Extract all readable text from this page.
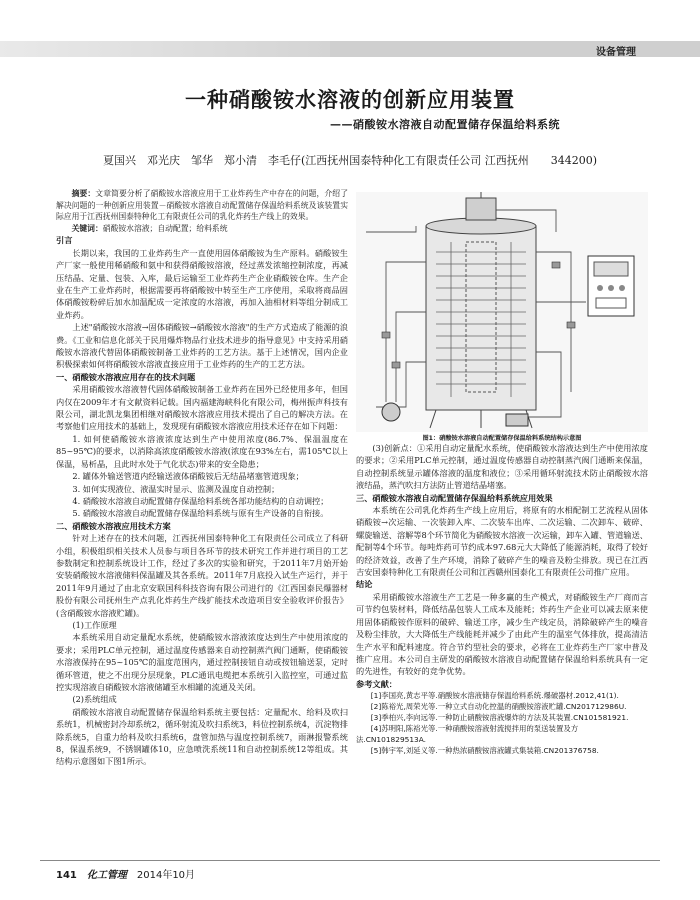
设备管理
一种硝酸铵水溶液的创新应用装置
——硝酸铵水溶液自动配置储存保温给料系统
夏国兴　邓光庆　邹华　郑小清　李毛仔(江西抚州国泰特种化工有限责任公司 江西抚州　　344200)

摘要：文章简要分析了硝酸铵水溶液应用于工业炸药生产中存在的问题，介绍了解决问题的一种创新应用装置－硝酸铵水溶液自动配置储存保温给料系统及该装置实际应用于江西抚州国泰特种化工有限责任公司的乳化炸药生产线上的效果。

关键词：硝酸铵水溶液；自动配置；给料系统

引言

长期以来，我国的工业炸药生产一直使用固体硝酸铵为生产原料。硝酸铵生产厂家一般使用稀硝酸和氨中和获得硝酸铵溶液，经过蒸发浓缩控制浓度，再减压结晶、定量、包装、入库，最后运输至工业炸药生产企业硝酸铵仓库。生产企业在生产工业炸药时，根据需要再将硝酸铵中转至生产工序使用，采取将商品固体硝酸铵粉碎后加水加温配成一定浓度的水溶液，再加入油相材料等组分制成工业炸药。

上述"硝酸铵水溶液→固体硝酸铵→硝酸铵水溶液"的生产方式造成了能源的浪费。《工业和信息化部关于民用爆炸物品行业技术进步的指导意见》中支持采用硝酸铵水溶液代替固体硝酸铵制备工业炸药的工艺方法。基于上述情况，国内企业积极探索如何将硝酸铵水溶液直接应用于工业炸药的生产的工艺方法。

一、硝酸铵水溶液应用存在的技术问题

采用硝酸铵水溶液替代固体硝酸铵制备工业炸药在国外已经使用多年，但国内仅在2009年才有文献资料记载。国内福建海峡科化有限公司，梅州振声科技有限公司，湖北凯龙集团相继对硝酸铵水溶液应用技术提出了自己的解决方法。在考察他们应用技术的基础上，发现现有硝酸铵水溶液应用技术还存在如下问题：

1. 如何使硝酸铵水溶液浓度达到生产中使用浓度(86.7%、保温温度在85~95℃)的要求，以消除高浓度硝酸铵水溶液(浓度在93%左右，需105℃以上保温，易析晶，且此时水处于气化状态)带来的安全隐患；

2. 罐体外输送管道内经输送液体硝酸铵后无结晶堵塞管道现象；

3. 如何实现液位、液温实时显示、监测及温度自动控制；

4. 硝酸铵水溶液自动配置储存保温给料系统各部功能结构的自动调控；

5. 硝酸铵水溶液自动配置储存保温给料系统与原有生产设备的自衔接。

二、硝酸铵水溶液应用技术方案

针对上述存在的技术问题，江西抚州国泰特种化工有限责任公司成立了科研小组，积极组织相关技术人员参与项目各环节的技术研究工作并进行项目的工艺参数制定和控制系统设计工作，经过了多次的实验和研究，于2011年7月始开始安装硝酸铵水溶液储料保温罐及其各系统。2011年7月底投入试生产运行，并于2011年9月通过了由北京安联国科科技咨询有限公司进行的《江西国泰民爆器材股份有限公司抚州生产点乳化炸药生产线扩能技术改造项目安全验收评价报告》(含硝酸铵水溶液贮罐)。

(1)工作原理

本系统采用自动定量配水系统，使硝酸铵水溶液浓度达到生产中使用浓度的要求；采用PLC单元控制，通过温度传感器来自动控制蒸汽阀门通断，使硝酸铵水溶液保持在95~105℃的温度范围内，通过控制接钮自动或按钮输送泵，定时循环管道，使之不出现分层现象，PLC通讯电缆把本系统引入监控室，可通过监控实现溶液自硝酸铵水溶液储罐至水相罐的流通及关闭。

(2)系统组成

硝酸铵水溶液自动配置储存保温给料系统主要包括：定量配水、给料及吹扫系统1，机械密封冷却系统2，循环射流及吹扫系统3，料位控制系统4，沉淀物排除系统5，自重力给料及吹扫系统6，盘管加热与温度控制系统7，雨淋报警系统8，保温系统9，不锈钢罐体10，应急喷洗系统11和自动控制系统12等组成。其结构示意图如下图1所示。

图1：硝酸铵水溶液自动配置储存保温给料系统结构示意图

(3)创新点：①采用自动定量配水系统，使硝酸铵水溶液达到生产中使用浓度的要求；②采用PLC单元控制，通过温度传感器自动控制蒸汽阀门通断来保温，自动控制系统显示罐体溶液的温度和液位；③采用循环射流技术防止硝酸铵水溶液结晶，蒸汽吹扫方法防止管道结晶堵塞。

三、硝酸铵水溶液自动配置储存保温给料系统应用效果

本系统在公司乳化炸药生产线上应用后，将原有的水相配制工艺流程从固体硝酸铵→次运输、一次装卸入库、二次装车出库、二次运输、二次卸车、破碎、螺旋输送、溶解等8个环节简化为硝酸铵水溶液一次运输，卸车入罐、管道输送、配制等4个环节。每吨炸药可节约成本97.68元大大降低了能源消耗，取得了较好的经济效益，改善了生产环境，消除了破碎产生的噪音及粉尘排放。现已在江西吉安国泰特种化工有限责任公司和江西赣州国泰化工有限责任公司推广应用。

结论

采用硝酸铵水溶液生产工艺是一种多赢的生产模式，对硝酸铵生产厂商而言可节约包装材料，降低结晶包装人工成本及能耗；炸药生产企业可以减去原来使用固体硝酸铵作原料的破碎、输送工序，减少生产线定员，消除破碎产生的噪音及粉尘排放，大大降低生产线能耗并减少了由此产生的温室气体排放，提高清洁生产水平和配料速度。符合节约型社会的要求，必将在工业炸药生产厂家中普及推广应用。本公司自主研发的硝酸铵水溶液自动配置储存保温给料系统具有一定的先进性，有较好的竞争优势。

参考文献：

[1]李国亮,黄志平等.硝酸铵水溶液储存保温给料系统.爆破器材.2012,41(1).
[2]陈裕光,周荣光等.一种立式自动化控温的硝酸铵溶液贮罐.CN201712986U.
[3]季柏兴,李向远等.一种防止硝酸铵溶液爆炸的方法及其装置.CN101581921.
[4]苏明阳,陈裕光等.一种硝酸铵溶液射流搅拌用的泵送装置及方法.CN101829513A.
[5]韩宇军,刘延义等.一种热浓硝酸铵溶液罐式集装箱.CN201376758.
141 化工管理 2014年10月
